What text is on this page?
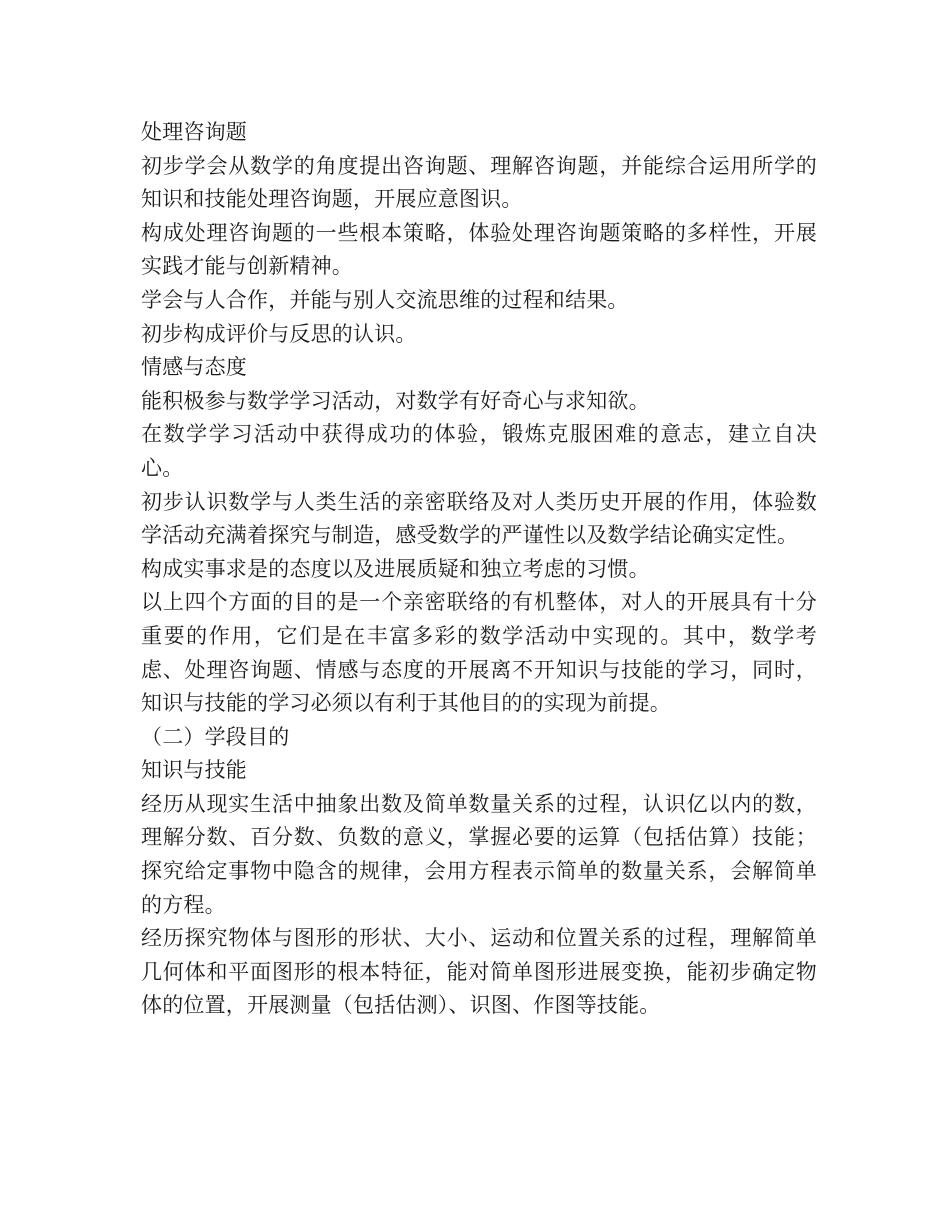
处理咨询题

初步学会从数学的角度提出咨询题、理解咨询题，并能综合运用所学的知识和技能处理咨询题，开展应意图识。

构成处理咨询题的一些根本策略，体验处理咨询题策略的多样性，开展实践才能与创新精神。

学会与人合作，并能与别人交流思维的过程和结果。

初步构成评价与反思的认识。

情感与态度

能积极参与数学学习活动，对数学有好奇心与求知欲。

在数学学习活动中获得成功的体验，锻炼克服困难的意志，建立自决心。

初步认识数学与人类生活的亲密联络及对人类历史开展的作用，体验数学活动充满着探究与制造，感受数学的严谨性以及数学结论确实定性。

构成实事求是的态度以及进展质疑和独立考虑的习惯。

以上四个方面的目的是一个亲密联络的有机整体，对人的开展具有十分重要的作用，它们是在丰富多彩的数学活动中实现的。其中，数学考虑、处理咨询题、情感与态度的开展离不开知识与技能的学习，同时，知识与技能的学习必须以有利于其他目的的实现为前提。

（二）学段目的

知识与技能

经历从现实生活中抽象出数及简单数量关系的过程，认识亿以内的数，理解分数、百分数、负数的意义，掌握必要的运算（包括估算）技能；探究给定事物中隐含的规律，会用方程表示简单的数量关系，会解简单的方程。

经历探究物体与图形的形状、大小、运动和位置关系的过程，理解简单几何体和平面图形的根本特征，能对简单图形进展变换，能初步确定物体的位置，开展测量（包括估测）、识图、作图等技能。
